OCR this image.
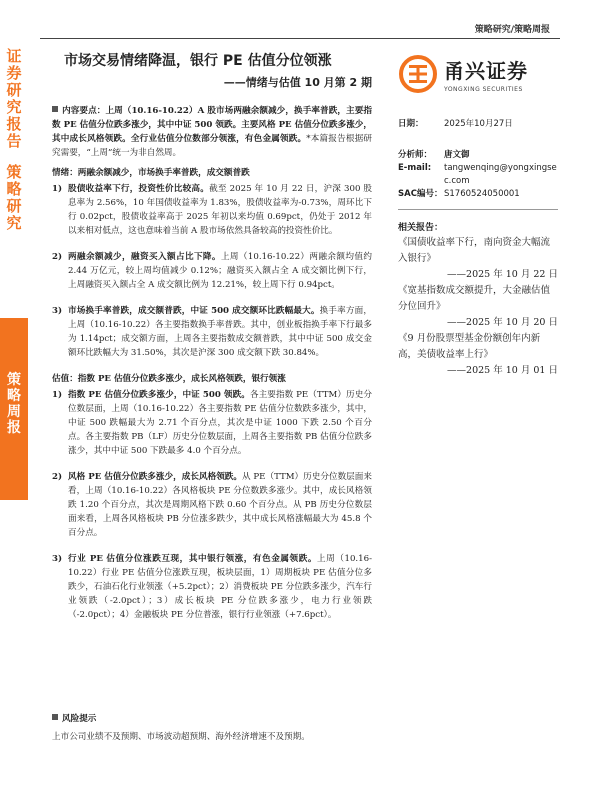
策略研究/策略周报
证
券
研
究
报
告
策
略
研
究
策
略
周
报
市场交易情绪降温，银行 PE 估值分位领涨
——情绪与估值 10 月第 2 期	甬兴证券
YONGXING SECURITIES
内容要点：上周（10.16-10.22）A 股市场两融余额减少，换手率普跌，主要指数 PE 估值分位跌多涨少，其中中证 500 领跌。主要风格 PE 估值分位跌多涨少，其中成长风格领跌。全行业估值分位数部分领涨，有色金属领跌。*本篇报告根据研究需要，“上周”统一为非自然周。
情绪：两融余额减少，市场换手率普跌，成交额普跌
1) 股债收益率下行，投资性价比较高。截至 2025 年 10 月 22 日，沪深 300 股息率为 2.56%，10 年国债收益率为 1.83%，股债收益率为-0.73%，周环比下行 0.02pct，股债收益率高于 2025 年初以来均值 0.69pct，仍处于 2012 年以来相对低点，这也意味着当前 A 股市场依然具备较高的投资性价比。
2) 两融余额减少，融资买入额占比下降。上周（10.16-10.22）两融余额均值约 2.44 万亿元，较上周均值减少 0.12%；融资买入额占全 A 成交额比例下行，上周融资买入额占全 A 成交额比例为 12.21%，较上周下行 0.94pct。
3) 市场换手率普跌，成交额普跌，中证 500 成交额环比跌幅最大。换手率方面，上周（10.16-10.22）各主要指数换手率普跌。其中，创业板指换手率下行最多为 1.14pct；成交额方面，上周各主要指数成交额普跌，其中中证 500 成交金额环比跌幅大为 31.50%，其次是沪深 300 成交额下跌 30.84%。
估值：指数 PE 估值分位跌多涨少，成长风格领跌，银行领涨
1) 指数 PE 估值分位跌多涨少，中证 500 领跌。各主要指数 PE（TTM）历史分位数层面，上周（10.16-10.22）各主要指数 PE 估值分位数跌多涨少，其中，中证 500 跌幅最大为 2.71 个百分点，其次是中证 1000 下跌 2.50 个百分点。各主要指数 PB（LF）历史分位数层面，上周各主要指数 PB 估值分位跌多涨少，其中中证 500 下跌最多 4.0 个百分点。
2) 风格 PE 估值分位跌多涨少，成长风格领跌。从 PE（TTM）历史分位数层面来看，上周（10.16-10.22）各风格板块 PE 分位数跌多涨少。其中，成长风格领跌 1.20 个百分点，其次是周期风格下跌 0.60 个百分点。从 PB 历史分位数层面来看，上周各风格板块 PB 分位涨多跌少，其中成长风格涨幅最大为 45.8 个百分点。
3) 行业 PE 估值分位涨跌互现，其中银行领涨，有色金属领跌。上周（10.16-10.22）行业 PE 估值分位涨跌互现，板块层面，1）周期板块 PE 估值分位多跌少，石油石化行业领涨（+5.2pct）；2）消费板块 PE 分位跌多涨少，汽车行业领跌（-2.0pct）；3）成长板块 PE 分位跌多涨少，电力行业领跌（-2.0pct）；4）金融板块 PE 分位普涨，银行行业领涨（+7.6pct）。
日期：	2025年10月27日
分析师：	唐文御
E-mail:	tangwenqing@yongxingsec.com
SAC编号： S1760524050001
相关报告：
《国债收益率下行，南向资金大幅流入银行》
——2025 年 10 月 22 日
《宽基指数成交额提升，大金融估值分位回升》
——2025 年 10 月 20 日
《9 月份股票型基金份额创年内新高，美债收益率上行》
——2025 年 10 月 01 日
风险提示
上市公司业绩不及预期、市场波动超预期、海外经济增速不及预期。
